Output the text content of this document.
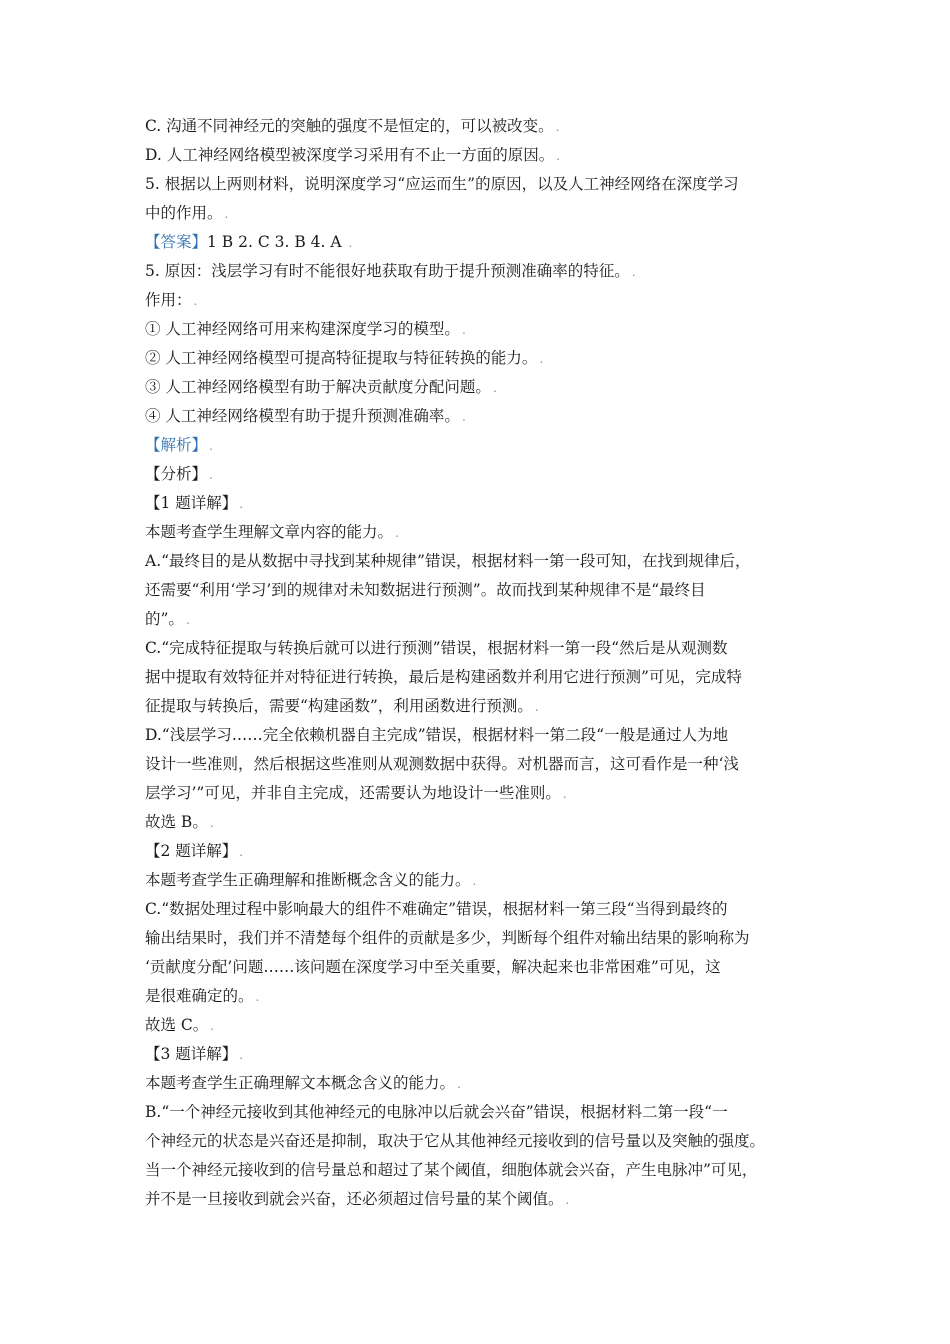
C. 沟通不同神经元的突触的强度不是恒定的，可以被改变。 .
D. 人工神经网络模型被深度学习采用有不止一方面的原因。 .
5. 根据以上两则材料，说明深度学习“应运而生”的原因，以及人工神经网络在深度学习
中的作用。 .
【答案】1 B 2. C 3. B 4. A .
5. 原因：浅层学习有时不能很好地获取有助于提升预测准确率的特征。 .
作用： .
① 人工神经网络可用来构建深度学习的模型。 .
② 人工神经网络模型可提高特征提取与特征转换的能力。 .
③ 人工神经网络模型有助于解决贡献度分配问题。 .
④ 人工神经网络模型有助于提升预测准确率。 .
【解析】 .
【分析】 .
【1 题详解】 .
本题考查学生理解文章内容的能力。 .
A.“最终目的是从数据中寻找到某种规律”错误，根据材料一第一段可知，在找到规律后，
还需要“利用‘学习’到的规律对未知数据进行预测”。故而找到某种规律不是“最终目
的”。 .
C.“完成特征提取与转换后就可以进行预测”错误，根据材料一第一段“然后是从观测数
据中提取有效特征并对特征进行转换，最后是构建函数并利用它进行预测”可见，完成特
征提取与转换后，需要“构建函数”，利用函数进行预测。 .
D.“浅层学习……完全依赖机器自主完成”错误，根据材料一第二段“一般是通过人为地
设计一些准则，然后根据这些准则从观测数据中获得。对机器而言，这可看作是一种‘浅
层学习’”可见，并非自主完成，还需要认为地设计一些准则。 .
故选 B。 .
【2 题详解】 .
本题考查学生正确理解和推断概念含义的能力。 .
C.“数据处理过程中影响最大的组件不难确定”错误，根据材料一第三段“当得到最终的
输出结果时，我们并不清楚每个组件的贡献是多少，判断每个组件对输出结果的影响称为
‘贡献度分配’问题……该问题在深度学习中至关重要，解决起来也非常困难”可见，这
是很难确定的。 .
故选 C。 .
【3 题详解】 .
本题考查学生正确理解文本概念含义的能力。 .
B.“一个神经元接收到其他神经元的电脉冲以后就会兴奋”错误，根据材料二第一段“一
个神经元的状态是兴奋还是抑制，取决于它从其他神经元接收到的信号量以及突触的强度。
当一个神经元接收到的信号量总和超过了某个阈值，细胞体就会兴奋，产生电脉冲”可见，
并不是一旦接收到就会兴奋，还必须超过信号量的某个阈值。 .
